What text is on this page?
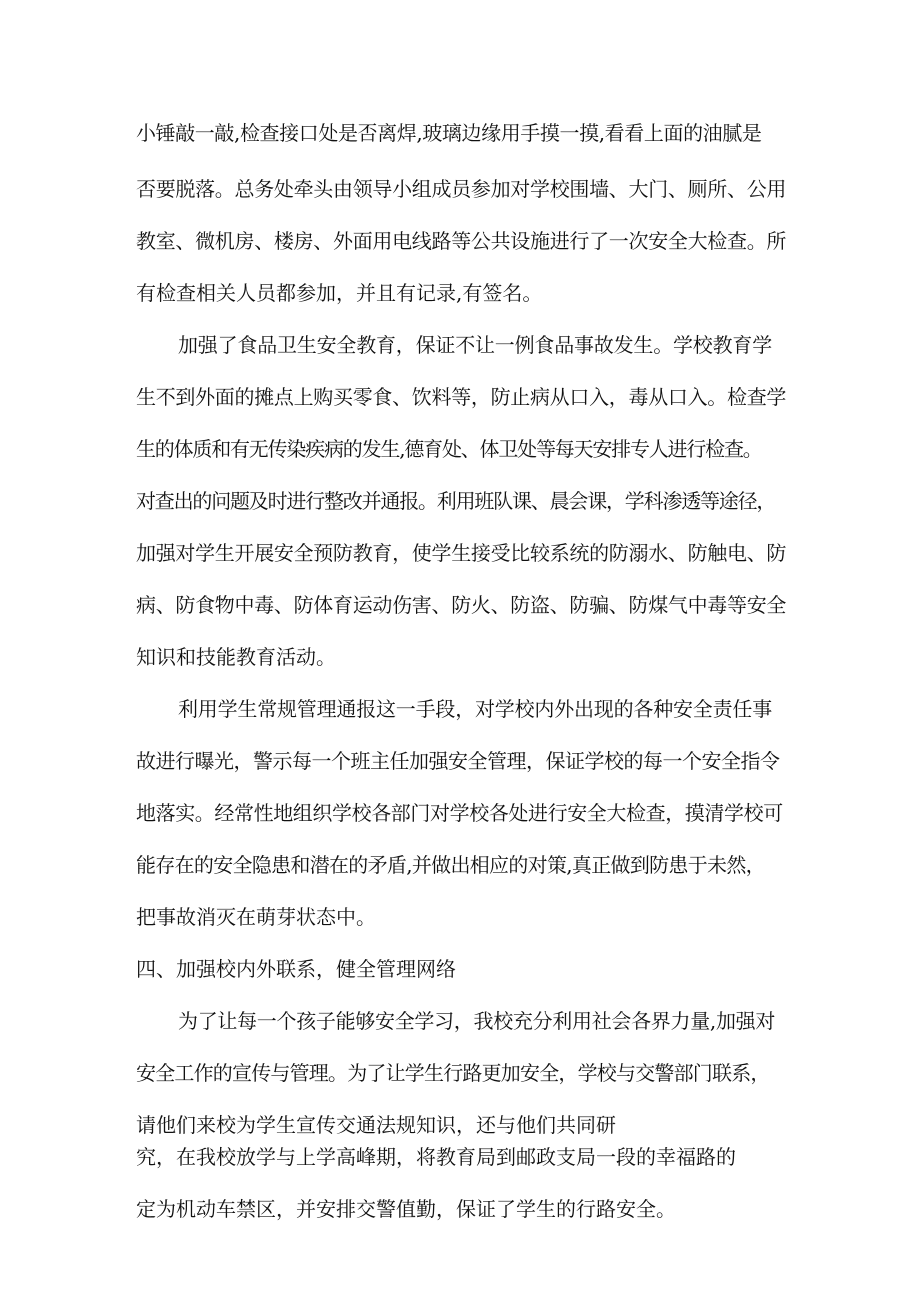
小锤敲一敲,检查接口处是否离焊,玻璃边缘用手摸一摸,看看上面的油腻是
否要脱落。总务处牵头由领导小组成员参加对学校围墙、大门、厕所、公用
教室、微机房、楼房、外面用电线路等公共设施进行了一次安全大检查。所
有检查相关人员都参加，并且有记录,有签名。
加强了食品卫生安全教育，保证不让一例食品事故发生。学校教育学
生不到外面的摊点上购买零食、饮料等，防止病从口入，毒从口入。检查学
生的体质和有无传染疾病的发生,德育处、体卫处等每天安排专人进行检查。
对查出的问题及时进行整改并通报。利用班队课、晨会课，学科渗透等途径，
加强对学生开展安全预防教育，使学生接受比较系统的防溺水、防触电、防
病、防食物中毒、防体育运动伤害、防火、防盗、防骗、防煤气中毒等安全
知识和技能教育活动。
利用学生常规管理通报这一手段，对学校内外出现的各种安全责任事
故进行曝光，警示每一个班主任加强安全管理，保证学校的每一个安全指令
地落实。经常性地组织学校各部门对学校各处进行安全大检查，摸清学校可
能存在的安全隐患和潜在的矛盾,并做出相应的对策,真正做到防患于未然，
把事故消灭在萌芽状态中。
四、加强校内外联系，健全管理网络
为了让每一个孩子能够安全学习，我校充分利用社会各界力量,加强对
安全工作的宣传与管理。为了让学生行路更加安全，学校与交警部门联系，
请他们来校为学生宣传交通法规知识，还与他们共同研
究，在我校放学与上学高峰期，将教育局到邮政支局一段的幸福路的
定为机动车禁区，并安排交警值勤，保证了学生的行路安全。
